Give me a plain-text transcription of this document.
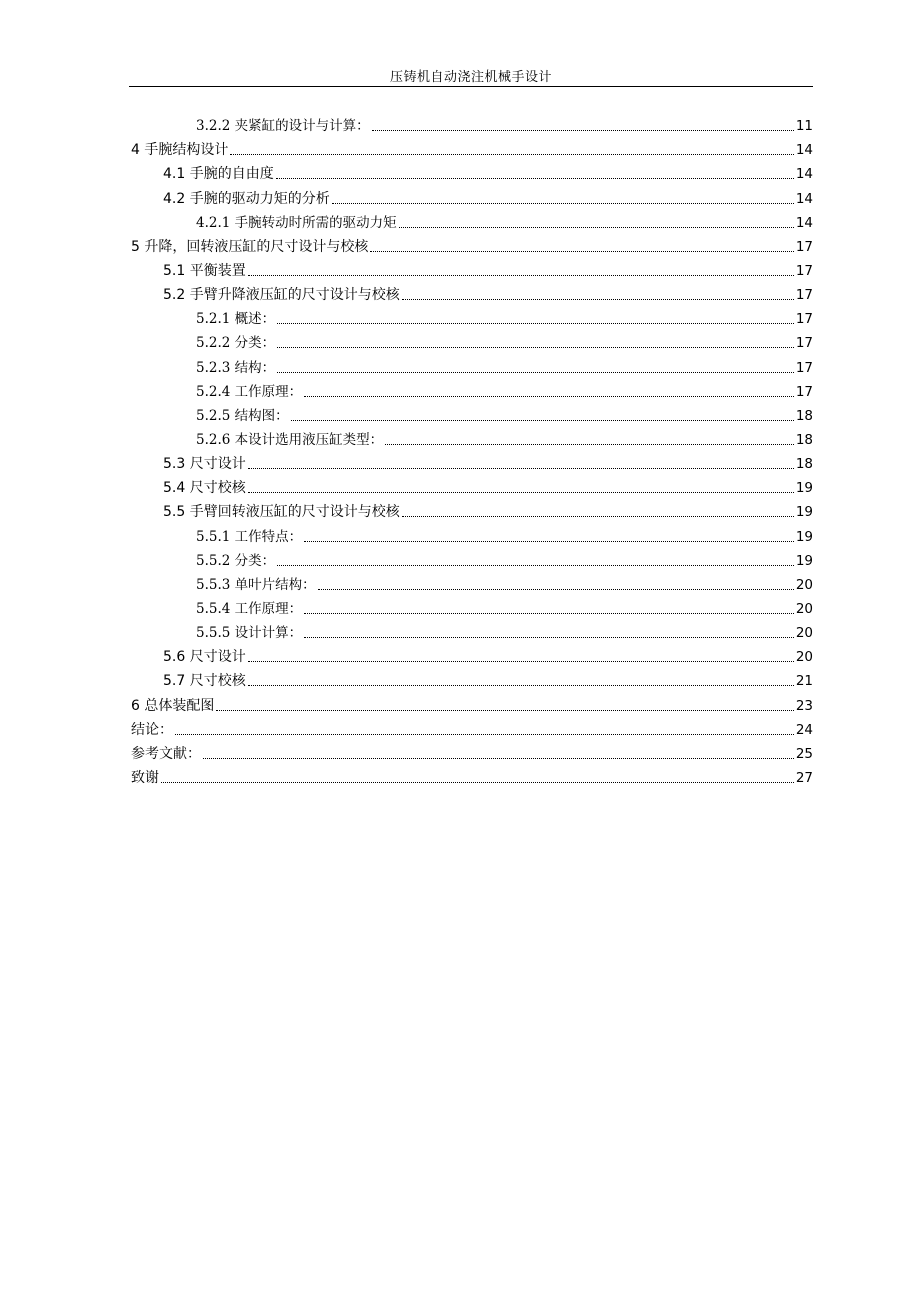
压铸机自动浇注机械手设计
3.2.2 夹紧缸的设计与计算：	11
4 手腕结构设计	14
4.1 手腕的自由度	14
4.2 手腕的驱动力矩的分析	14
4.2.1 手腕转动时所需的驱动力矩	14
5 升降，回转液压缸的尺寸设计与校核	17
5.1 平衡装置	17
5.2 手臂升降液压缸的尺寸设计与校核	17
5.2.1 概述：	17
5.2.2 分类：	17
5.2.3 结构：	17
5.2.4 工作原理：	17
5.2.5 结构图：	18
5.2.6 本设计选用液压缸类型：	18
5.3 尺寸设计	18
5.4 尺寸校核	19
5.5 手臂回转液压缸的尺寸设计与校核	19
5.5.1 工作特点：	19
5.5.2 分类：	19
5.5.3 单叶片结构：	20
5.5.4 工作原理：	20
5.5.5 设计计算：	20
5.6 尺寸设计	20
5.7 尺寸校核	21
6 总体装配图	23
结论：	24
参考文献：	25
致谢	27
